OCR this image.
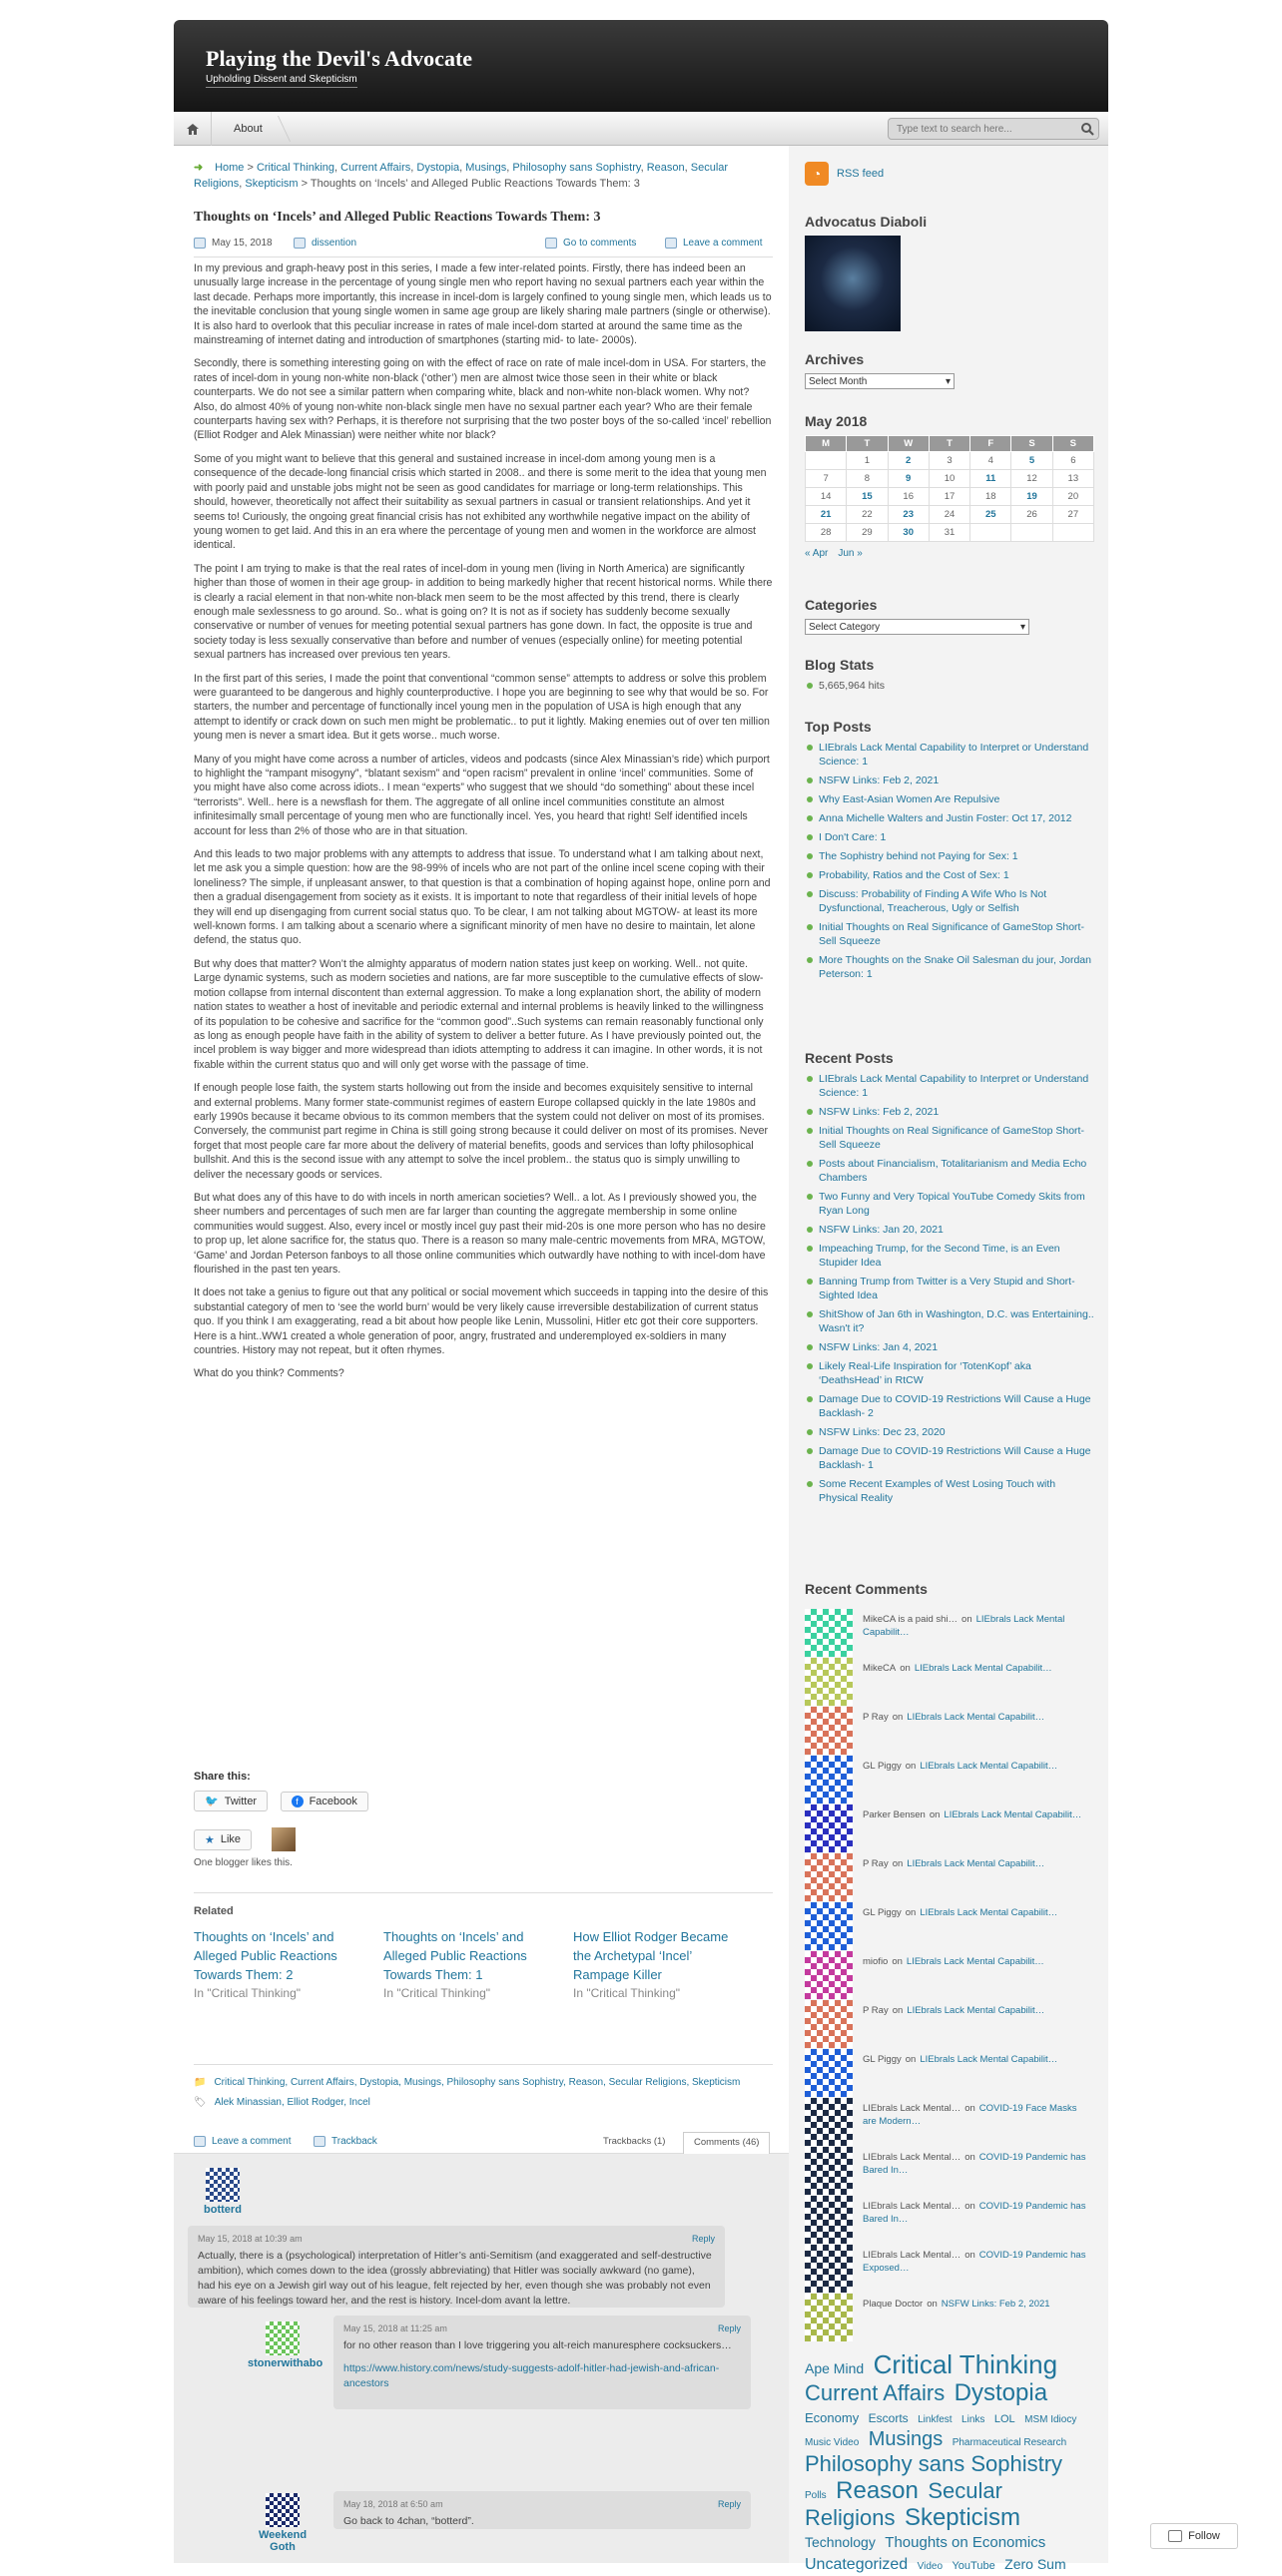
Playing the Devil's Advocate
Upholding Dissent and Skepticism
About
Type text to search here...
➜ Home > Critical Thinking, Current Affairs, Dystopia, Musings, Philosophy sans Sophistry, Reason, Secular Religions, Skepticism > Thoughts on ‘Incels’ and Alleged Public Reactions Towards Them: 3
Thoughts on ‘Incels’ and Alleged Public Reactions Towards Them: 3
May 15, 2018	dissention	Go to comments	Leave a comment

In my previous and graph-heavy post in this series, I made a few inter-related points. Firstly, there has indeed been an unusually large increase in the percentage of young single men who report having no sexual partners each year within the last decade. Perhaps more importantly, this increase in incel-dom is largely confined to young single men, which leads us to the inevitable conclusion that young single women in same age group are likely sharing male partners (single or otherwise). It is also hard to overlook that this peculiar increase in rates of male incel-dom started at around the same time as the mainstreaming of internet dating and introduction of smartphones (starting mid- to late- 2000s).

Secondly, there is something interesting going on with the effect of race on rate of male incel-dom in USA. For starters, the rates of incel-dom in young non-white non-black (‘other’) men are almost twice those seen in their white or black counterparts. We do not see a similar pattern when comparing white, black and non-white non-black women. Why not? Also, do almost 40% of young non-white non-black single men have no sexual partner each year? Who are their female counterparts having sex with? Perhaps, it is therefore not surprising that the two poster boys of the so-called ‘incel’ rebellion (Elliot Rodger and Alek Minassian) were neither white nor black?

Some of you might want to believe that this general and sustained increase in incel-dom among young men is a consequence of the decade-long financial crisis which started in 2008.. and there is some merit to the idea that young men with poorly paid and unstable jobs might not be seen as good candidates for marriage or long-term relationships. This should, however, theoretically not affect their suitability as sexual partners in casual or transient relationships. And yet it seems to! Curiously, the ongoing great financial crisis has not exhibited any worthwhile negative impact on the ability of young women to get laid. And this in an era where the percentage of young men and women in the workforce are almost identical.

The point I am trying to make is that the real rates of incel-dom in young men (living in North America) are significantly higher than those of women in their age group- in addition to being markedly higher that recent historical norms. While there is clearly a racial element in that non-white non-black men seem to be the most affected by this trend, there is clearly enough male sexlessness to go around. So.. what is going on? It is not as if society has suddenly become sexually conservative or number of venues for meeting potential sexual partners has gone down. In fact, the opposite is true and society today is less sexually conservative than before and number of venues (especially online) for meeting potential sexual partners has increased over previous ten years.

In the first part of this series, I made the point that conventional “common sense” attempts to address or solve this problem were guaranteed to be dangerous and highly counterproductive. I hope you are beginning to see why that would be so. For starters, the number and percentage of functionally incel young men in the population of USA is high enough that any attempt to identify or crack down on such men might be problematic.. to put it lightly. Making enemies out of over ten million young men is never a smart idea. But it gets worse.. much worse.

Many of you might have come across a number of articles, videos and podcasts (since Alex Minassian’s ride) which purport to highlight the “rampant misogyny”, “blatant sexism” and “open racism” prevalent in online ‘incel’ communities. Some of you might have also come across idiots.. I mean “experts” who suggest that we should “do something” about these incel “terrorists”. Well.. here is a newsflash for them. The aggregate of all online incel communities constitute an almost infinitesimally small percentage of young men who are functionally incel. Yes, you heard that right! Self identified incels account for less than 2% of those who are in that situation.

And this leads to two major problems with any attempts to address that issue. To understand what I am talking about next, let me ask you a simple question: how are the 98-99% of incels who are not part of the online incel scene coping with their loneliness? The simple, if unpleasant answer, to that question is that a combination of hoping against hope, online porn and then a gradual disengagement from society as it exists. It is important to note that regardless of their initial levels of hope they will end up disengaging from current social status quo. To be clear, I am not talking about MGTOW- at least its more well-known forms. I am talking about a scenario where a significant minority of men have no desire to maintain, let alone defend, the status quo.

But why does that matter? Won’t the almighty apparatus of modern nation states just keep on working. Well.. not quite. Large dynamic systems, such as modern societies and nations, are far more susceptible to the cumulative effects of slow-motion collapse from internal discontent than external aggression. To make a long explanation short, the ability of modern nation states to weather a host of inevitable and periodic external and internal problems is heavily linked to the willingness of its population to be cohesive and sacrifice for the “common good”..Such systems can remain reasonably functional only as long as enough people have faith in the ability of system to deliver a better future. As I have previously pointed out, the incel problem is way bigger and more widespread than idiots attempting to address it can imagine. In other words, it is not fixable within the current status quo and will only get worse with the passage of time.

If enough people lose faith, the system starts hollowing out from the inside and becomes exquisitely sensitive to internal and external problems. Many former state-communist regimes of eastern Europe collapsed quickly in the late 1980s and early 1990s because it became obvious to its common members that the system could not deliver on most of its promises. Conversely, the communist part regime in China is still going strong because it could deliver on most of its promises. Never forget that most people care far more about the delivery of material benefits, goods and services than lofty philosophical bullshit. And this is the second issue with any attempt to solve the incel problem.. the status quo is simply unwilling to deliver the necessary goods or services.

But what does any of this have to do with incels in north american societies? Well.. a lot. As I previously showed you, the sheer numbers and percentages of such men are far larger than counting the aggregate membership in some online communities would suggest. Also, every incel or mostly incel guy past their mid-20s is one more person who has no desire to prop up, let alone sacrifice for, the status quo. There is a reason so many male-centric movements from MRA, MGTOW, ‘Game’ and Jordan Peterson fanboys to all those online communities which outwardly have nothing to with incel-dom have flourished in the past ten years.

It does not take a genius to figure out that any political or social movement which succeeds in tapping into the desire of this substantial category of men to ‘see the world burn’ would be very likely cause irreversible destabilization of current status quo. If you think I am exaggerating, read a bit about how people like Lenin, Mussolini, Hitler etc got their core supporters. Here is a hint..WW1 created a whole generation of poor, angry, frustrated and underemployed ex-soldiers in many countries. History may not repeat, but it often rhymes.

What do you think? Comments?

Share this:
🐦 Twitter
	f Facebook
★ Like
One blogger likes this.
Related
Thoughts on ‘Incels’ and Alleged Public Reactions Towards Them: 2
In "Critical Thinking"
Thoughts on ‘Incels’ and Alleged Public Reactions Towards Them: 1
In "Critical Thinking"
How Elliot Rodger Became the Archetypal ‘Incel’ Rampage Killer
In "Critical Thinking"
📁 Critical Thinking, Current Affairs, Dystopia, Musings, Philosophy sans Sophistry, Reason, Secular Religions, Skepticism
🏷 Alek Minassian, Elliot Rodger, Incel
Leave a comment	Trackback	Trackbacks (1)	Comments (46)
botterd
May 15, 2018 at 10:39 am	Reply
Actually, there is a (psychological) interpretation of Hitler’s anti-Semitism (and exaggerated and self-destructive ambition), which comes down to the idea (grossly abbreviating) that Hitler was socially awkward (no game), had his eye on a Jewish girl way out of his league, felt rejected by her, even though she was probably not even aware of his feelings toward her, and the rest is history. Incel-dom avant la lettre.
stonerwithabo
May 15, 2018 at 11:25 am	Reply
for no other reason than I love triggering you alt-reich manuresphere cocksuckers…
https://www.history.com/news/study-suggests-adolf-hitler-had-jewish-and-african-ancestors
Weekend Goth
May 18, 2018 at 6:50 am	Reply
Go back to 4chan, “botterd”.
◔	RSS feed
Advocatus Diaboli
Archives
Select Month	▾
May 2018
M	T	W	T	F	S	S
	1	2	3	4	5	6
7	8	9	10	11	12	13
14	15	16	17	18	19	20
21	22	23	24	25	26	27
28	29	30	31			
« Apr Jun »
Categories
Select Category	▾
Blog Stats
5,665,964 hits
Top Posts
LIEbrals Lack Mental Capability to Interpret or Understand Science: 1
NSFW Links: Feb 2, 2021
Why East-Asian Women Are Repulsive
Anna Michelle Walters and Justin Foster: Oct 17, 2012
I Don't Care: 1
The Sophistry behind not Paying for Sex: 1
Probability, Ratios and the Cost of Sex: 1
Discuss: Probability of Finding A Wife Who Is Not Dysfunctional, Treacherous, Ugly or Selfish
Initial Thoughts on Real Significance of GameStop Short-Sell Squeeze
More Thoughts on the Snake Oil Salesman du jour, Jordan Peterson: 1
Recent Posts
LIEbrals Lack Mental Capability to Interpret or Understand Science: 1
NSFW Links: Feb 2, 2021
Initial Thoughts on Real Significance of GameStop Short-Sell Squeeze
Posts about Financialism, Totalitarianism and Media Echo Chambers
Two Funny and Very Topical YouTube Comedy Skits from Ryan Long
NSFW Links: Jan 20, 2021
Impeaching Trump, for the Second Time, is an Even Stupider Idea
Banning Trump from Twitter is a Very Stupid and Short-Sighted Idea
ShitShow of Jan 6th in Washington, D.C. was Entertaining.. Wasn't it?
NSFW Links: Jan 4, 2021
Likely Real-Life Inspiration for ‘TotenKopf’ aka ‘DeathsHead’ in RtCW
Damage Due to COVID-19 Restrictions Will Cause a Huge Backlash- 2
NSFW Links: Dec 23, 2020
Damage Due to COVID-19 Restrictions Will Cause a Huge Backlash- 1
Some Recent Examples of West Losing Touch with Physical Reality
Recent Comments
MikeCA is a paid shi… on LIEbrals Lack Mental Capabilit…
MikeCA on LIEbrals Lack Mental Capabilit…
P Ray on LIEbrals Lack Mental Capabilit…
GL Piggy on LIEbrals Lack Mental Capabilit…
Parker Bensen on LIEbrals Lack Mental Capabilit…
P Ray on LIEbrals Lack Mental Capabilit…
GL Piggy on LIEbrals Lack Mental Capabilit…
miofio on LIEbrals Lack Mental Capabilit…
P Ray on LIEbrals Lack Mental Capabilit…
GL Piggy on LIEbrals Lack Mental Capabilit…
LIEbrals Lack Mental… on COVID-19 Face Masks are Modern…
LIEbrals Lack Mental… on COVID-19 Pandemic has Bared In…
LIEbrals Lack Mental… on COVID-19 Pandemic has Bared In…
LIEbrals Lack Mental… on COVID-19 Pandemic has Exposed…
Plaque Doctor on NSFW Links: Feb 2, 2021
Ape Mind Critical Thinking Current Affairs Dystopia Economy Escorts Linkfest Links LOL MSM Idiocy Music Video Musings Pharmaceutical Research Philosophy sans Sophistry Polls Reason Secular Religions Skepticism Technology Thoughts on Economics Uncategorized Video YouTube Zero Sum
Follow
